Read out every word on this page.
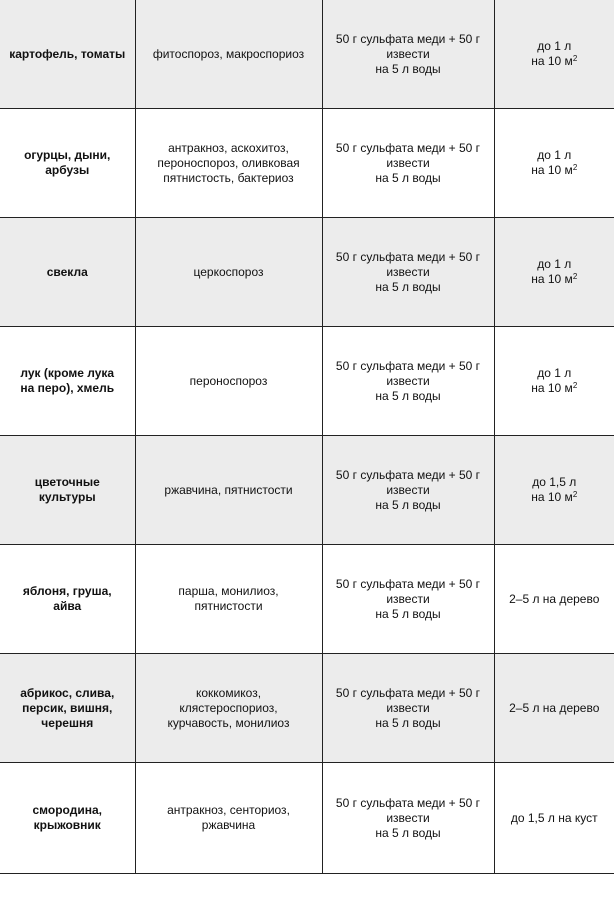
картофель, томаты	фитоспороз, макроспориоз	50 г сульфата меди + 50 г
извести
на 5 л воды	до 1 л
на 10 $м^2$

огурцы, дыни,
арбузы	антракноз, аскохитоз,
пероноспороз, оливковая
пятнистость, бактериоз	50 г сульфата меди + 50 г
извести
на 5 л воды	до 1 л
на 10 $м^2$

свекла	церкоспороз	50 г сульфата меди + 50 г
извести
на 5 л воды	до 1 л
на 10 $м^2$

лук (кроме лука
на перо), хмель	пероноспороз	50 г сульфата меди + 50 г
извести
на 5 л воды	до 1 л
на 10 $м^2$

цветочные
культуры	ржавчина, пятнистости	50 г сульфата меди + 50 г
извести
на 5 л воды	до 1,5 л
на 10 $м^2$

яблоня, груша,
айва	парша, монилиоз,
пятнистости	50 г сульфата меди + 50 г
извести
на 5 л воды	2–5 л на дерево

абрикос, слива,
персик, вишня,
черешня	коккомикоз,
клястероспориоз,
курчавость, монилиоз	50 г сульфата меди + 50 г
извести
на 5 л воды	2–5 л на дерево

смородина,
крыжовник	антракноз, сенториоз,
ржавчина	50 г сульфата меди + 50 г
извести
на 5 л воды	до 1,5 л на куст
